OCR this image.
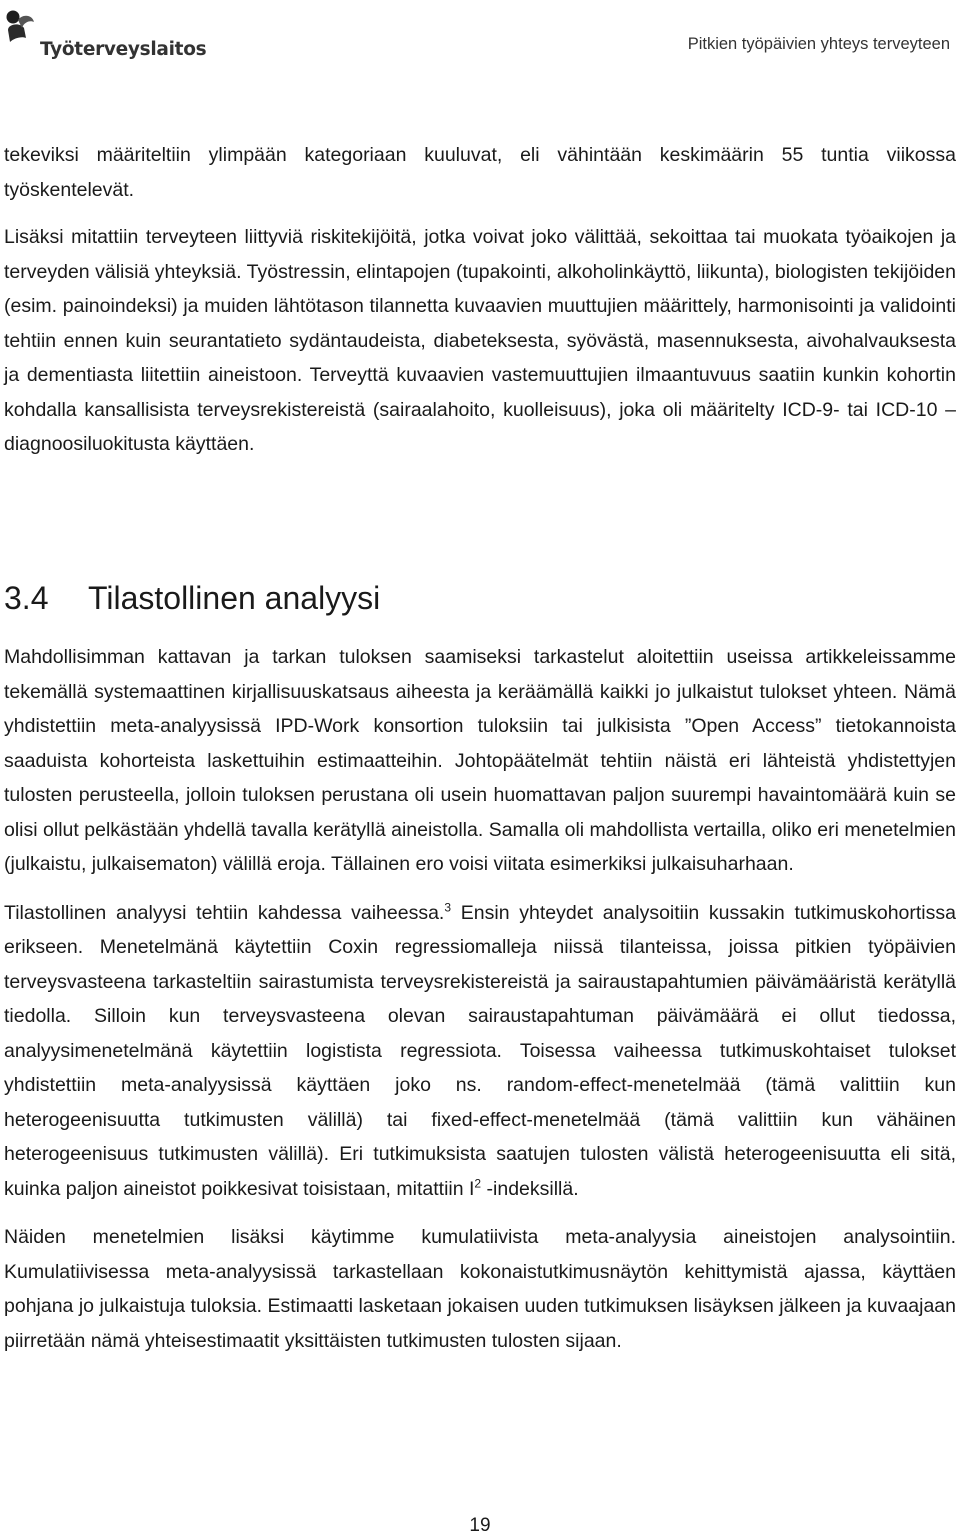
Työterveyslaitos	Pitkien työpäivien yhteys terveyteen

tekeviksi määriteltiin ylimpään kategoriaan kuuluvat, eli vähintään keskimäärin 55 tuntia viikossa työskentelevät.

Lisäksi mitattiin terveyteen liittyviä riskitekijöitä, jotka voivat joko välittää, sekoittaa tai muokata työaikojen ja terveyden välisiä yhteyksiä. Työstressin, elintapojen (tupakointi, alkoholinkäyttö, liikunta), biologisten tekijöiden (esim. painoindeksi) ja muiden lähtötason tilannetta kuvaavien muuttujien määrittely, harmonisointi ja validointi tehtiin ennen kuin seurantatieto sydäntaudeista, diabeteksesta, syövästä, masennuksesta, aivohalvauksesta ja dementiasta liitettiin aineistoon. Terveyttä kuvaavien vastemuuttujien ilmaantuvuus saatiin kunkin kohortin kohdalla kansallisista terveysrekistereistä (sairaalahoito, kuolleisuus), joka oli määritelty ICD-9- tai ICD-10 –diagnoosiluokitusta käyttäen.

3.4 Tilastollinen analyysi

Mahdollisimman kattavan ja tarkan tuloksen saamiseksi tarkastelut aloitettiin useissa artikkeleissamme tekemällä systemaattinen kirjallisuuskatsaus aiheesta ja keräämällä kaikki jo julkaistut tulokset yhteen. Nämä yhdistettiin meta-analyysissä IPD-Work konsortion tuloksiin tai julkisista ”Open Access” tietokannoista saaduista kohorteista laskettuihin estimaatteihin. Johtopäätelmät tehtiin näistä eri lähteistä yhdistettyjen tulosten perusteella, jolloin tuloksen perustana oli usein huomattavan paljon suurempi havaintomäärä kuin se olisi ollut pelkästään yhdellä tavalla kerätyllä aineistolla. Samalla oli mahdollista vertailla, oliko eri menetelmien (julkaistu, julkaisematon) välillä eroja. Tällainen ero voisi viitata esimerkiksi julkaisuharhaan.

Tilastollinen analyysi tehtiin kahdessa vaiheessa.$^3$ Ensin yhteydet analysoitiin kussakin tutkimuskohortissa erikseen. Menetelmänä käytettiin Coxin regressiomalleja niissä tilanteissa, joissa pitkien työpäivien terveysvasteena tarkasteltiin sairastumista terveysrekistereistä ja sairaustapahtumien päivämääristä kerätyllä tiedolla. Silloin kun terveysvasteena olevan sairaustapahtuman päivämäärä ei ollut tiedossa, analyysimenetelmänä käytettiin logistista regressiota. Toisessa vaiheessa tutkimuskohtaiset tulokset yhdistettiin meta-analyysissä käyttäen joko ns. random-effect-menetelmää (tämä valittiin kun heterogeenisuutta tutkimusten välillä) tai fixed-effect-menetelmää (tämä valittiin kun vähäinen heterogeenisuus tutkimusten välillä). Eri tutkimuksista saatujen tulosten välistä heterogeenisuutta eli sitä, kuinka paljon aineistot poikkesivat toisistaan, mitattiin $I^2$ -indeksillä.

Näiden menetelmien lisäksi käytimme kumulatiivista meta-analyysia aineistojen analysointiin. Kumulatiivisessa meta-analyysissä tarkastellaan kokonaistutkimusnäytön kehittymistä ajassa, käyttäen pohjana jo julkaistuja tuloksia. Estimaatti lasketaan jokaisen uuden tutkimuksen lisäyksen jälkeen ja kuvaajaan piirretään nämä yhteisestimaatit yksittäisten tutkimusten tulosten sijaan.

19
